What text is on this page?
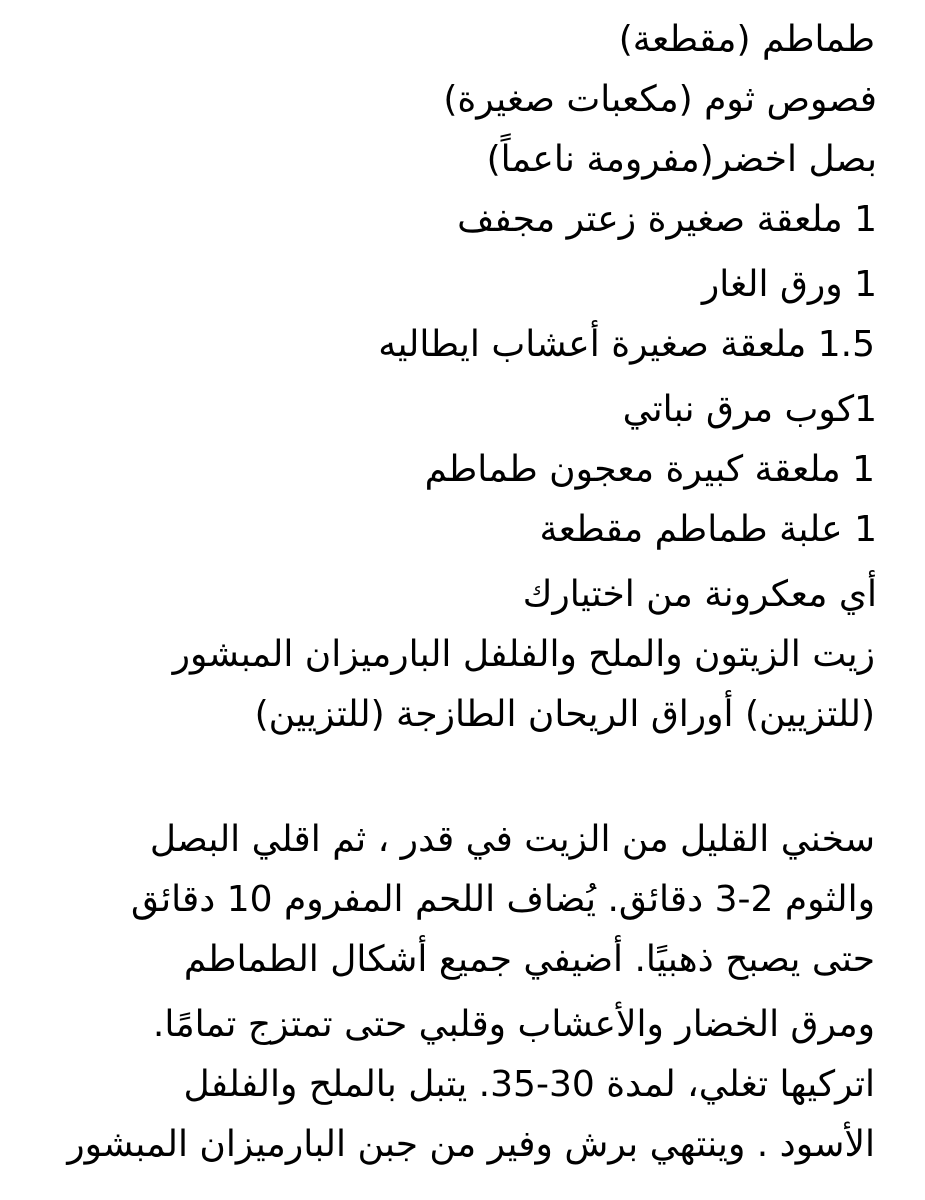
طماطم (مقطعة)
فصوص ثوم (مكعبات صغيرة)
بصل اخضر(مفرومة ناعماً)
1 ملعقة صغيرة زعتر مجفف
1 ورق الغار
1.5 ملعقة صغيرة أعشاب ايطاليه
1كوب مرق نباتي
1 ملعقة كبيرة معجون طماطم
1 علبة طماطم مقطعة
أي معكرونة من اختيارك
زيت الزيتون والملح والفلفل البارميزان المبشور
(للتزيين) أوراق الريحان الطازجة (للتزيين)
سخني القليل من الزيت في قدر ، ثم اقلي البصل
والثوم 2-3 دقائق. يُضاف اللحم المفروم 10 دقائق
حتى يصبح ذهبيًا. أضيفي جميع أشكال الطماطم
ومرق الخضار والأعشاب وقلبي حتى تمتزج تمامًا.
اتركيها تغلي، لمدة 30-35. يتبل بالملح والفلفل
الأسود . وينتهي برش وفير من جبن البارميزان المبشور
